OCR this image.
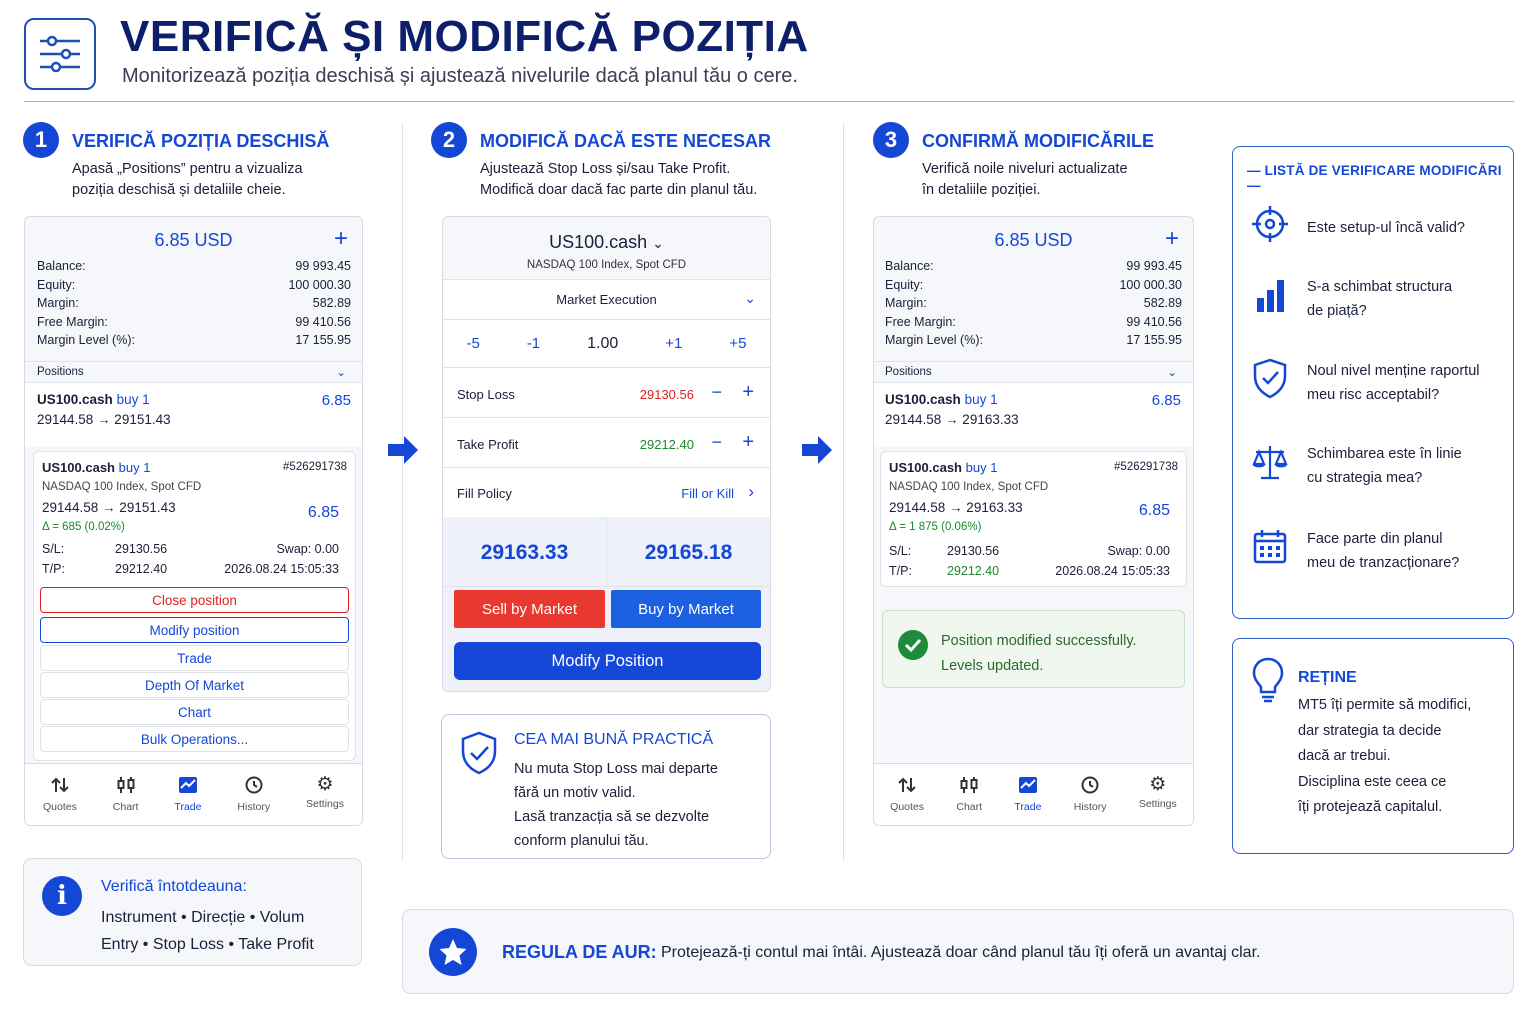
VERIFICĂ ȘI MODIFICĂ POZIȚIA
Monitorizează poziția deschisă și ajustează nivelurile dacă planul tău o cere.
1	VERIFICĂ POZIȚIA DESCHISĂ
Apasă „Positions” pentru a vizualiza
poziția deschisă și detaliile cheie.
2	MODIFICĂ DACĂ ESTE NECESAR
Ajustează Stop Loss și/sau Take Profit.
Modifică doar dacă fac parte din planul tău.
3	CONFIRMĂ MODIFICĂRILE
Verifică noile niveluri actualizate
în detaliile poziției.
6.85 USD	+
Balance:	99 993.45
Equity:	100 000.30
Margin:	582.89
Free Margin:	99 410.56
Margin Level (%):	17 155.95
Positions	⌄
US100.cash buy 1
29144.58 → 29151.43
6.85
US100.cash buy 1	#526291738
NASDAQ 100 Index, Spot CFD
29144.58 → 29151.43	6.85
Δ = 685 (0.02%)
S/L:	29130.56	Swap: 0.00
T/P:	29212.40	2026.08.24 15:05:33
Close position
Modify position
Trade
Depth Of Market
Chart
Bulk Operations...
Quotes	Chart	Trade	History
⚙
Settings
US100.cash ⌄
NASDAQ 100 Index, Spot CFD
Market Execution	⌄
-5	-1	1.00	+1	+5
Stop Loss	29130.56 − +
Take Profit	29212.40 − +
Fill Policy	Fill or Kill ›
29163.33	29165.18
Sell by Market	Buy by Market
Modify Position
CEA MAI BUNĂ PRACTICĂ
Nu muta Stop Loss mai departe
fără un motiv valid.
Lasă tranzacția să se dezvolte
conform planului tău.
6.85 USD	+
Balance:	99 993.45
Equity:	100 000.30
Margin:	582.89
Free Margin:	99 410.56
Margin Level (%):	17 155.95
Positions	⌄
US100.cash buy 1
29144.58 → 29163.33
6.85
US100.cash buy 1	#526291738
NASDAQ 100 Index, Spot CFD
29144.58 → 29163.33	6.85
Δ = 1 875 (0.06%)
S/L:	29130.56	Swap: 0.00
T/P:	29212.40	2026.08.24 15:05:33
Position modified successfully.
Levels updated.
Quotes	Chart	Trade	History
⚙
Settings
— LISTĂ DE VERIFICARE MODIFICĂRI —
Este setup-ul încă valid?
S-a schimbat structura
de piață?
Noul nivel menține raportul
meu risc acceptabil?
Schimbarea este în linie
cu strategia mea?
Face parte din planul
meu de tranzacționare?
REȚINE
MT5 îți permite să modifici,
dar strategia ta decide
dacă ar trebui.
Disciplina este ceea ce
îți protejează capitalul.
i	Verifică întotdeauna:
Instrument • Direcție • Volum
Entry • Stop Loss • Take Profit	REGULA DE AUR: Protejează-ți contul mai întâi. Ajustează doar când planul tău îți oferă un avantaj clar.
